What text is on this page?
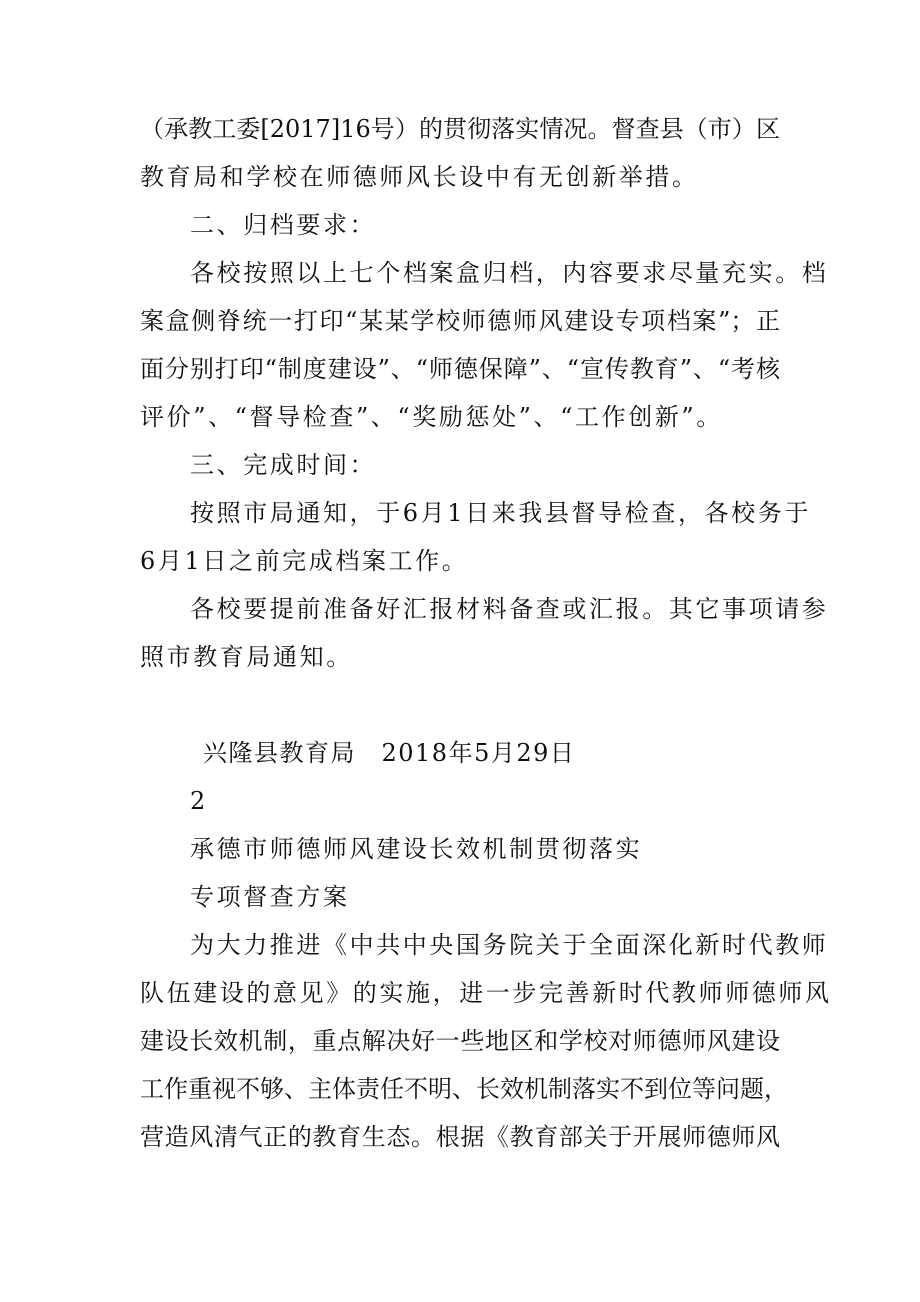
（承教工委[2017]16号）的贯彻落实情况。督查县（市）区
教育局和学校在师德师风长设中有无创新举措。
二、归档要求：
各校按照以上七个档案盒归档，内容要求尽量充实。档
案盒侧脊统一打印“某某学校师德师风建设专项档案”；正
面分别打印“制度建设”、“师德保障”、“宣传教育”、“考核
评价”、“督导检查”、“奖励惩处”、“工作创新”。
三、完成时间：
按照市局通知，于6月1日来我县督导检查，各校务于
6月1日之前完成档案工作。
各校要提前准备好汇报材料备查或汇报。其它事项请参
照市教育局通知。
兴隆县教育局　2018年5月29日
2
承德市师德师风建设长效机制贯彻落实
专项督查方案
为大力推进《中共中央国务院关于全面深化新时代教师
队伍建设的意见》的实施，进一步完善新时代教师师德师风
建设长效机制，重点解决好一些地区和学校对师德师风建设
工作重视不够、主体责任不明、长效机制落实不到位等问题，
营造风清气正的教育生态。根据《教育部关于开展师德师风
